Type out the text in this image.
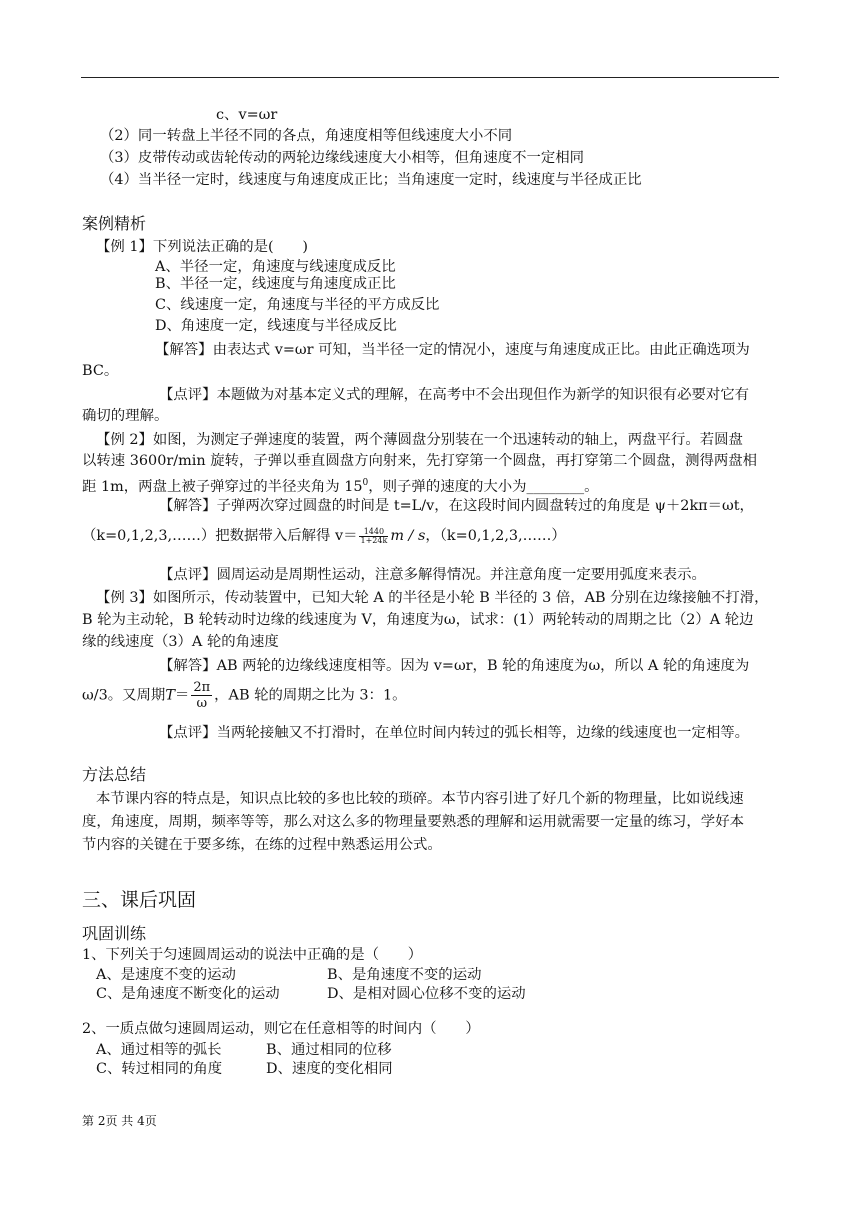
c、v=ωr
（2）同一转盘上半径不同的各点，角速度相等但线速度大小不同
（3）皮带传动或齿轮传动的两轮边缘线速度大小相等，但角速度不一定相同
（4）当半径一定时，线速度与角速度成正比；当角速度一定时，线速度与半径成正比
案例精析
【例 1】下列说法正确的是(　　)
A、半径一定，角速度与线速度成反比
B、半径一定，线速度与角速度成正比
C、线速度一定，角速度与半径的平方成反比
D、角速度一定，线速度与半径成反比
【解答】由表达式 v=ωr 可知，当半径一定的情况小，速度与角速度成正比。由此正确选项为
BC。
【点评】本题做为对基本定义式的理解，在高考中不会出现但作为新学的知识很有必要对它有
确切的理解。
【例 2】如图，为测定子弹速度的装置，两个薄圆盘分别装在一个迅速转动的轴上，两盘平行。若圆盘
以转速 3600r/min 旋转，子弹以垂直圆盘方向射来，先打穿第一个圆盘，再打穿第二个圆盘，测得两盘相
距 1m，两盘上被子弹穿过的半径夹角为 $15^0$，则子弹的速度的大小为________。
【解答】子弹两次穿过圆盘的时间是 t=L/v，在这段时间内圆盘转过的角度是 ψ＋2kπ＝ωt，
（k=0,1,2,3,……）把数据带入后解得 $v= \frac{1440}{1+24k}$ m / s，（k=0,1,2,3,……）
【点评】圆周运动是周期性运动，注意多解得情况。并注意角度一定要用弧度来表示。
【例 3】如图所示，传动装置中，已知大轮 A 的半径是小轮 B 半径的 3 倍，AB 分别在边缘接触不打滑，
B 轮为主动轮，B 轮转动时边缘的线速度为 V，角速度为ω，试求：(1）两轮转动的周期之比（2）A 轮边
缘的线速度（3）A 轮的角速度
【解答】AB 两轮的边缘线速度相等。因为 v=ωr，B 轮的角速度为ω，所以 A 轮的角速度为
ω/3。又周期$T= \frac{2\pi}{\omega}$ ，AB 轮的周期之比为 3：1。
【点评】当两轮接触又不打滑时，在单位时间内转过的弧长相等，边缘的线速度也一定相等。
方法总结
本节课内容的特点是，知识点比较的多也比较的琐碎。本节内容引进了好几个新的物理量，比如说线速
度，角速度，周期，频率等等，那么对这么多的物理量要熟悉的理解和运用就需要一定量的练习，学好本
节内容的关键在于要多练，在练的过程中熟悉运用公式。
三、课后巩固
巩固训练
1、下列关于匀速圆周运动的说法中正确的是（　　）
A、是速度不变的运动	B、是角速度不变的运动
C、是角速度不断变化的运动	D、是相对圆心位移不变的运动
2、一质点做匀速圆周运动，则它在任意相等的时间内（　　）
A、通过相等的弧长	B、通过相同的位移
C、转过相同的角度	D、速度的变化相同
第 2页 共 4页
